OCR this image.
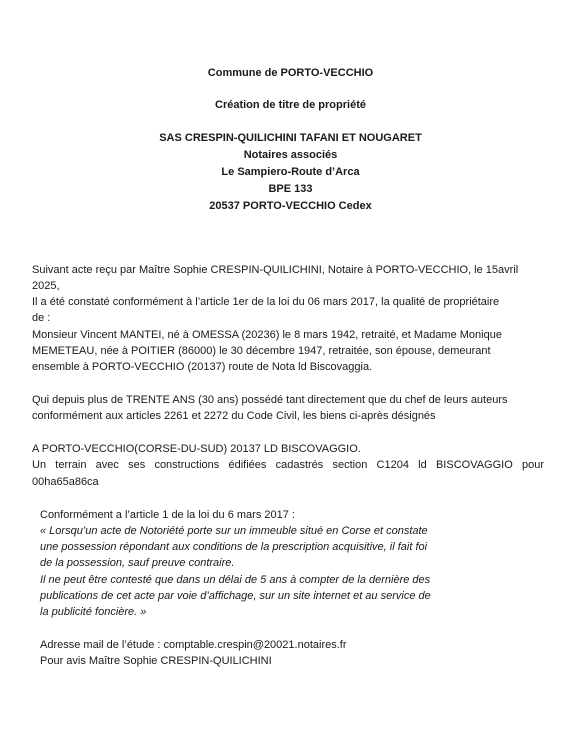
Commune de PORTO-VECCHIO
Création de titre de propriété
SAS CRESPIN-QUILICHINI TAFANI ET NOUGARET
Notaires associés
Le Sampiero-Route d’Arca
BPE 133
20537 PORTO-VECCHIO Cedex
Suivant acte reçu par Maître Sophie CRESPIN-QUILICHINI, Notaire à PORTO-VECCHIO, le 15avril
2025,
Il a été constaté conformément à l’article 1er de la loi du 06 mars 2017, la qualité de propriétaire
de :
Monsieur Vincent MANTEI, né à OMESSA (20236) le 8 mars 1942, retraité, et Madame Monique
MEMETEAU, née à POITIER (86000) le 30 décembre 1947, retraitée, son épouse, demeurant
ensemble à PORTO-VECCHIO (20137) route de Nota ld Biscovaggia.
Qui depuis plus de TRENTE ANS (30 ans) possédé tant directement que du chef de leurs auteurs
conformément aux articles 2261 et 2272 du Code Civil, les biens ci-après désignés
A PORTO-VECCHIO(CORSE-DU-SUD) 20137 LD BISCOVAGGIO.
Un terrain avec ses constructions édifiées cadastrés section C1204 ld BISCOVAGGIO pour 00ha65a86ca
Conformément a l’article 1 de la loi du 6 mars 2017 :
« Lorsqu’un acte de Notoriété porte sur un immeuble situé en Corse et constate
une possession répondant aux conditions de la prescription acquisitive, il fait foi
de la possession, sauf preuve contraire.
Il ne peut être contesté que dans un délai de 5 ans à compter de la dernière des
publications de cet acte par voie d’affichage, sur un site internet et au service de
la publicité foncière. »
Adresse mail de l’étude : comptable.crespin@20021.notaires.fr
Pour avis Maître Sophie CRESPIN-QUILICHINI
